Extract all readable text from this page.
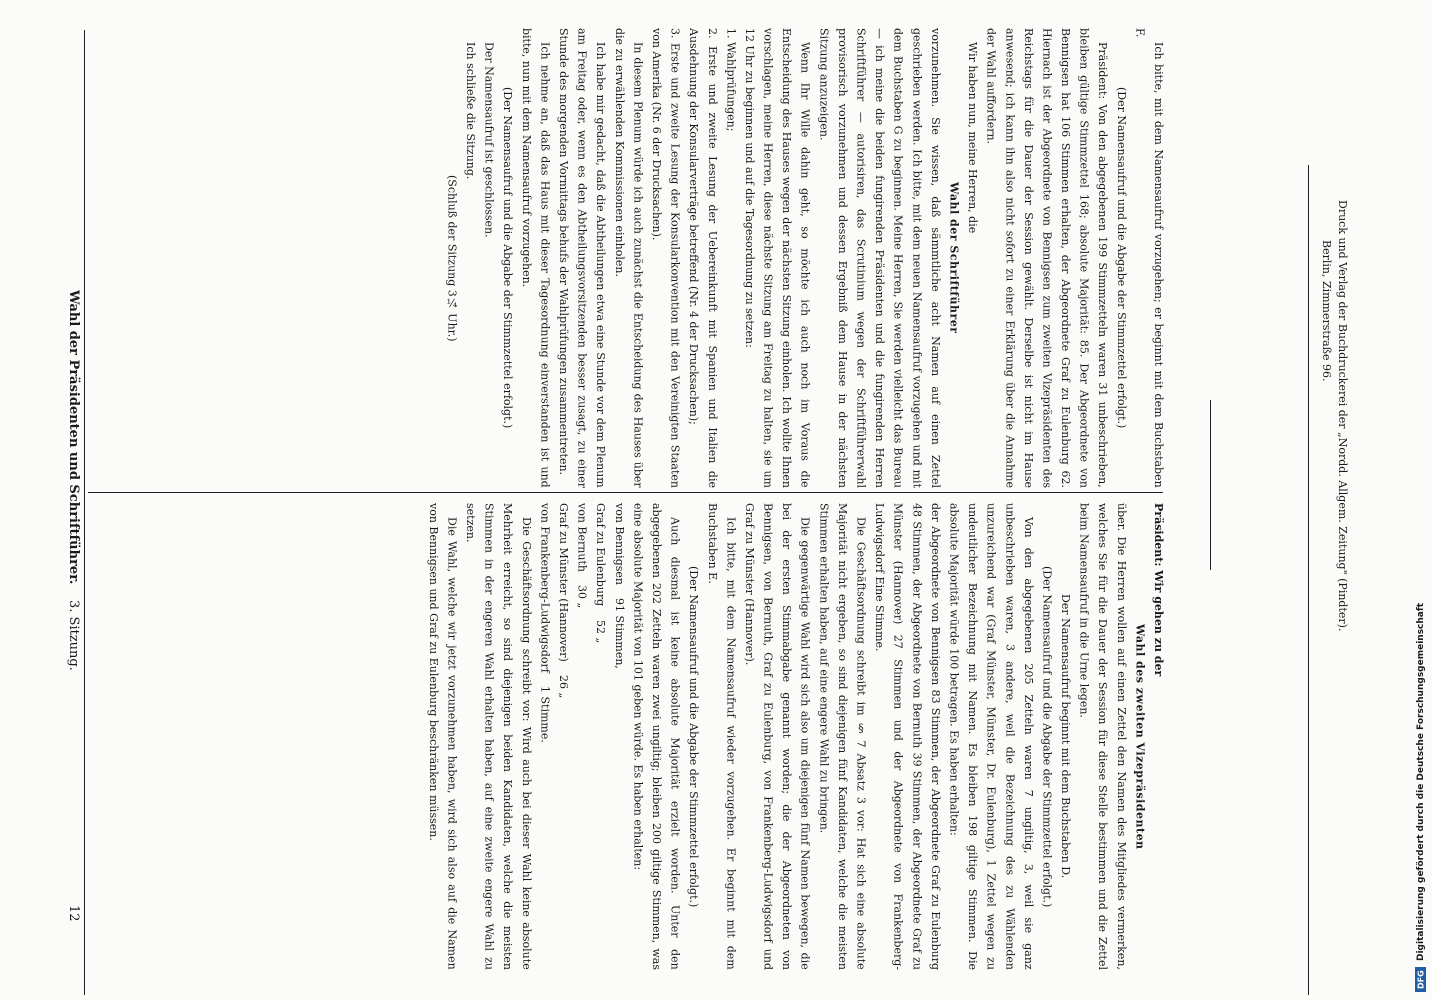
12
3. Sitzung.
Wahl der Präsidenten und Schriftführer.

Präsident: Wir gehen zu der

Wahl des zweiten Vizepräsidenten

über. Die Herren wollen auf einen Zettel den Namen des Mitgliedes vermerken, welches Sie für die Dauer der Session für diese Stelle bestimmen und die Zettel beim Namensaufruf in die Urne legen.

Der Namensaufruf beginnt mit dem Buchstaben D.

(Der Namensaufruf und die Abgabe der Stimmzettel erfolgt.)

Von den abgegebenen 205 Zetteln waren 7 ungiltig, 3, weil sie ganz unbeschrieben waren, 3 andere, weil die Bezeichnung des zu Wählenden unzureichend war (Graf Münster, Münster, Dr. Eulenburg), 1 Zettel wegen zu undeutlicher Bezeichnung mit Namen. Es bleiben 198 giltige Stimmen. Die absolute Majorität würde 100 betragen. Es haben erhalten:

der Abgeordnete von Bennigsen 83 Stimmen, der Abgeordnete Graf zu Eulenburg 48 Stimmen, der Abgeordnete von Bernuth 39 Stimmen, der Abgeordnete Graf zu Münster (Hannover) 27 Stimmen und der Abgeordnete von Frankenberg-Ludwigsdorf Eine Stimme.

Die Geschäftsordnung schreibt im § 7 Absatz 3 vor: Hat sich eine absolute Majorität nicht ergeben, so sind diejenigen fünf Kandidaten, welche die meisten Stimmen erhalten haben, auf eine engere Wahl zu bringen.

Die gegenwärtige Wahl wird sich also um diejenigen fünf Namen bewegen, die bei der ersten Stimmabgabe genannt worden; die der Abgeordneten von Bennigsen, von Bernuth, Graf zu Eulenburg, von Frankenberg-Ludwigsdorf und Graf zu Münster (Hannover).

Ich bitte, mit dem Namensaufruf wieder vorzugehen. Er beginnt mit dem Buchstaben E.

(Der Namensaufruf und die Abgabe der Stimmzettel erfolgt.)

Auch diesmal ist keine absolute Majorität erzielt worden. Unter den abgegebenen 202 Zetteln waren zwei ungiltig; bleiben 200 giltige Stimmen, was eine absolute Majorität von 101 geben würde. Es haben erhalten:

von Bennigsen 91 Stimmen,

Graf zu Eulenburg 52 „

von Bernuth 30 „

Graf zu Münster (Hannover) 26 „

von Frankenberg-Ludwigsdorf 1 Stimme.

Die Geschäftsordnung schreibt vor: Wird auch bei dieser Wahl keine absolute Mehrheit erreicht, so sind diejenigen beiden Kandidaten, welche die meisten Stimmen in der engeren Wahl erhalten haben, auf eine zweite engere Wahl zu setzen.

Die Wahl, welche wir jetzt vorzunehmen haben, wird sich also auf die Namen von Bennigsen und Graf zu Eulenburg beschränken müssen.

Ich bitte, mit dem Namensaufruf vorzugehen; er beginnt mit dem Buchstaben F.

(Der Namensaufruf und die Abgabe der Stimmzettel erfolgt.)

Präsident: Von den abgegebenen 199 Stimmzetteln waren 31 unbeschrieben, bleiben gültige Stimmzettel 168; absolute Majorität: 85. Der Abgeordnete von Bennigsen hat 106 Stimmen erhalten, der Abgeordnete Graf zu Eulenburg 62. Hiernach ist der Abgeordnete von Bennigsen zum zweiten Vizepräsidenten des Reichstags für die Dauer der Session gewählt. Derselbe ist nicht im Hause anwesend; ich kann ihn also nicht sofort zu einer Erklärung über die Annahme der Wahl auffordern.

Wir haben nun, meine Herren, die

Wahl der Schriftführer

vorzunehmen. Sie wissen, daß sämmtliche acht Namen auf einen Zettel geschrieben werden. Ich bitte, mit dem neuen Namensaufruf vorzugehen und mit dem Buchstaben G zu beginnen. Meine Herren, Sie werden vielleicht das Bureau — ich meine die beiden fungirenden Präsidenten und die fungirenden Herren Schriftführer — autorisiren, das Scrutinium wegen der Schriftführerwahl provisorisch vorzunehmen und dessen Ergebniß dem Hause in der nächsten Sitzung anzuzeigen.

Wenn Ihr Wille dahin geht, so möchte ich auch noch im Voraus die Entscheidung des Hauses wegen der nächsten Sitzung einholen. Ich wollte Ihnen vorschlagen, meine Herren, diese nächste Sitzung am Freitag zu halten, sie um 12 Uhr zu beginnen und auf die Tagesordnung zu setzen:

1. Wahlprüfungen;

2. Erste und zweite Lesung der Uebereinkunft mit Spanien und Italien die Ausdehnung der Konsularverträge betreffend (Nr. 4 der Drucksachen);

3. Erste und zweite Lesung der Konsularkonvention mit den Vereinigten Staaten von Amerika (Nr. 6 der Drucksachen).

In diesem Plenum würde ich auch zunächst die Entscheidung des Hauses über die zu erwählenden Kommissionen einholen.

Ich habe mir gedacht, daß die Abtheilungen etwa eine Stunde vor dem Plenum am Freitag oder, wenn es den Abtheilungsvorsitzenden besser zusagt, zu einer Stunde des morgenden Vormittags behufs der Wahlprüfungen zusammentreten.

Ich nehme an, daß das Haus mit dieser Tagesordnung einverstanden ist und bitte, nun mit dem Namensaufruf vorzugehen.

(Der Namensaufruf und die Abgabe der Stimmzettel erfolgt.)

Der Namensaufruf ist geschlossen.

Ich schließe die Sitzung.

(Schluß der Sitzung 3¼ Uhr.)	Druck und Verlag der Buchdruckerei der „Nordd. Allgem. Zeitung" (Pindter).
Berlin, Zimmerstraße 96.
DFG
Digitalisierung gefördert durch die Deutsche Forschungsgemeinschaft
